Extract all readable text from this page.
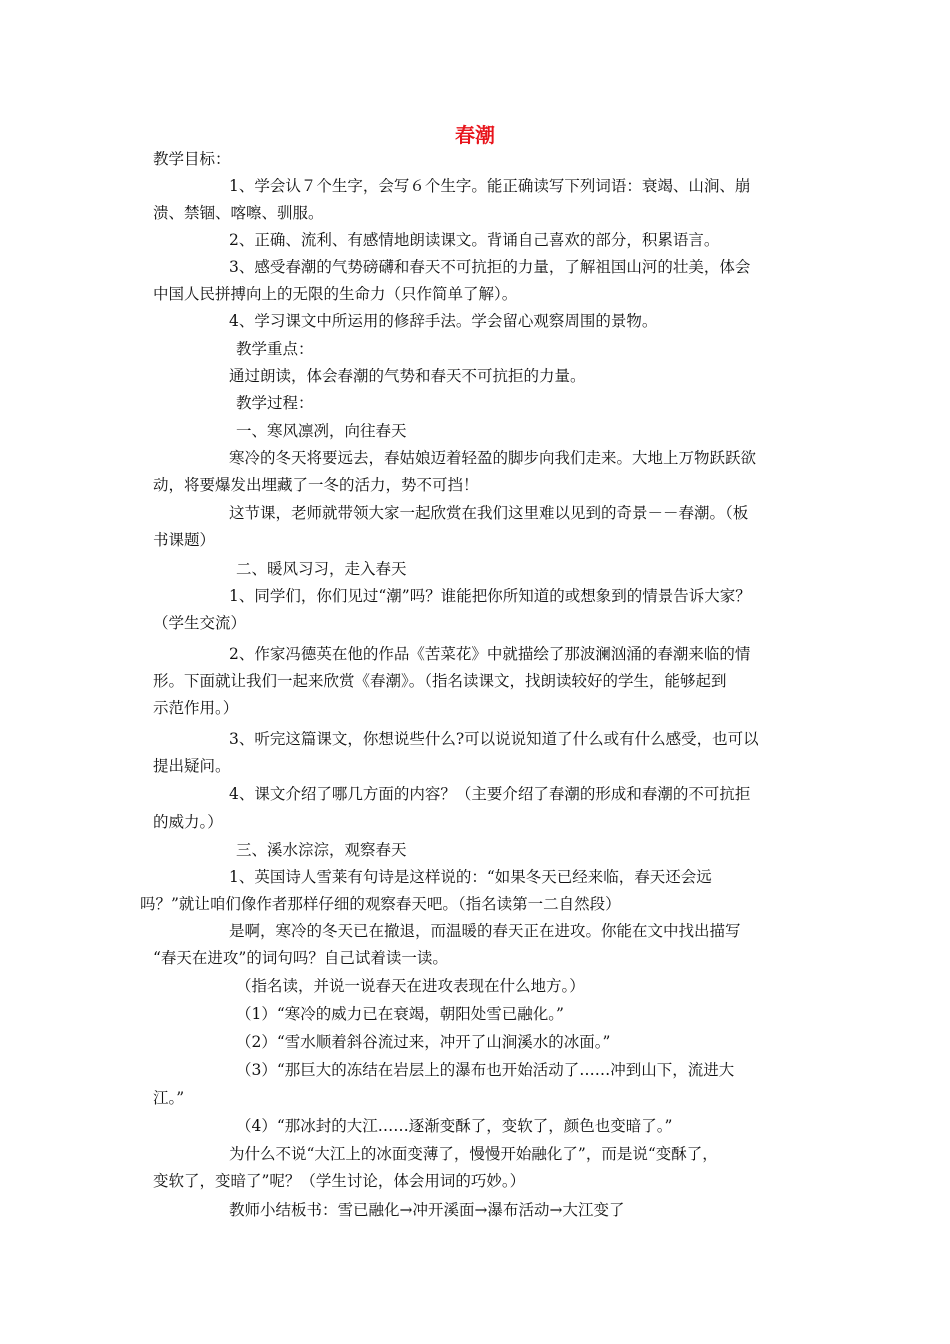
春潮
教学目标：
1、学会认７个生字，会写６个生字。能正确读写下列词语：衰竭、山涧、崩
溃、禁锢、喀嚓、驯服。
2、正确、流利、有感情地朗读课文。背诵自己喜欢的部分，积累语言。
3、感受春潮的气势磅礴和春天不可抗拒的力量，了解祖国山河的壮美，体会
中国人民拼搏向上的无限的生命力（只作简单了解）。
4、学习课文中所运用的修辞手法。学会留心观察周围的景物。
教学重点：
通过朗读，体会春潮的气势和春天不可抗拒的力量。
教学过程：
一、寒风凛冽，向往春天
寒冷的冬天将要远去，春姑娘迈着轻盈的脚步向我们走来。大地上万物跃跃欲
动，将要爆发出埋藏了一冬的活力，势不可挡！
这节课，老师就带领大家一起欣赏在我们这里难以见到的奇景－－春潮。（板
书课题）
二、暖风习习，走入春天
1、同学们，你们见过“潮”吗？谁能把你所知道的或想象到的情景告诉大家？
（学生交流）
2、作家冯德英在他的作品《苦菜花》中就描绘了那波澜汹涌的春潮来临的情
形。下面就让我们一起来欣赏《春潮》。（指名读课文，找朗读较好的学生，能够起到
示范作用。）
3、听完这篇课文，你想说些什么?可以说说知道了什么或有什么感受，也可以
提出疑问。
4、课文介绍了哪几方面的内容？（主要介绍了春潮的形成和春潮的不可抗拒
的威力。）
三、溪水淙淙，观察春天
1、英国诗人雪莱有句诗是这样说的：“如果冬天已经来临，春天还会远
吗？”就让咱们像作者那样仔细的观察春天吧。（指名读第一二自然段）
是啊，寒冷的冬天已在撤退，而温暖的春天正在进攻。你能在文中找出描写
“春天在进攻”的词句吗？自己试着读一读。
（指名读，并说一说春天在进攻表现在什么地方。）
（1）“寒冷的威力已在衰竭，朝阳处雪已融化。”
（2）“雪水顺着斜谷流过来，冲开了山涧溪水的冰面。”
（3）“那巨大的冻结在岩层上的瀑布也开始活动了……冲到山下，流进大
江。”
（4）“那冰封的大江……逐渐变酥了，变软了，颜色也变暗了。”
为什么不说“大江上的冰面变薄了，慢慢开始融化了”，而是说“变酥了，
变软了，变暗了”呢？（学生讨论，体会用词的巧妙。）
教师小结板书：雪已融化→冲开溪面→瀑布活动→大江变了
